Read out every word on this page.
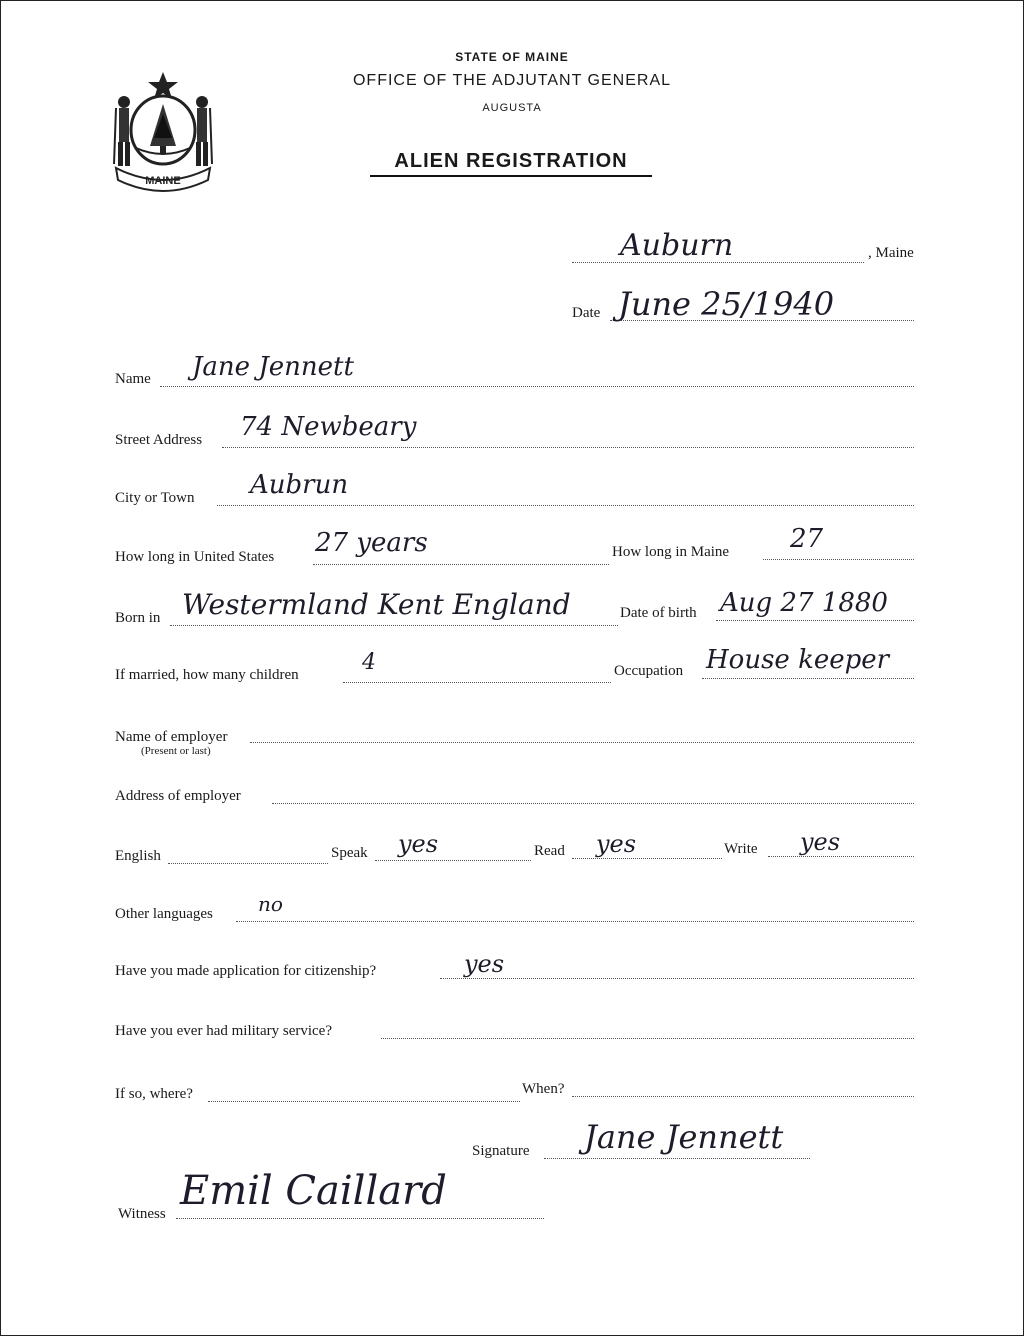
MAINE
STATE OF MAINE
OFFICE OF THE ADJUTANT GENERAL
AUGUSTA
ALIEN REGISTRATION
Auburn	, Maine
Date June 25/1940
Name Jane Jennett
Street Address 74 Newbeary
City or Town Aubrun
How long in United States 27 years	How long in Maine 27
Born in Westermland Kent England	Date of birth Aug 27 1880
If married, how many children	4	Occupation House keeper
Name of employer
(Present or last)
Address of employer
English	Speak yes	Read yes	Write yes
Other languages no
Have you made application for citizenship?	yes
Have you ever had military service?
If so, where?	When?
Signature Jane Jennett
Witness Emil Caillard
